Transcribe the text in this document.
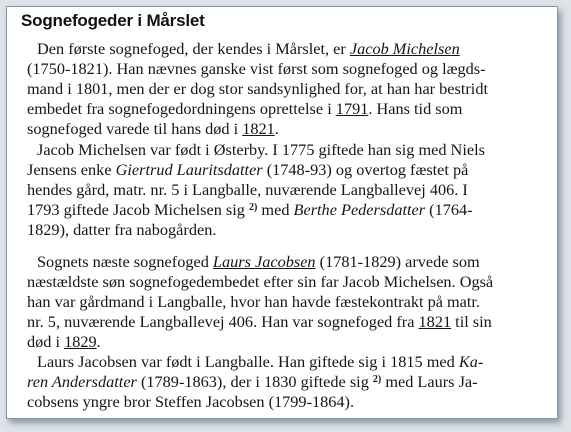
Sognefogeder i Mårslet
Den første sognefoged, der kendes i Mårslet, er Jacob Michelsen
(1750-1821). Han nævnes ganske vist først som sognefoged og lægds-
mand i 1801, men der er dog stor sandsynlighed for, at han har bestridt
embedet fra sognefogedordningens oprettelse i 1791. Hans tid som
sognefoged varede til hans død i 1821.
Jacob Michelsen var født i Østerby. I 1775 giftede han sig med Niels
Jensens enke Giertrud Lauritsdatter (1748-93) og overtog fæstet på
hendes gård, matr. nr. 5 i Langballe, nuværende Langballevej 406. I
1793 giftede Jacob Michelsen sig $^{2)}$ med Berthe Pedersdatter (1764-
1829), datter fra nabogården.
Sognets næste sognefoged Laurs Jacobsen (1781-1829) arvede som
næstældste søn sognefogedembedet efter sin far Jacob Michelsen. Også
han var gårdmand i Langballe, hvor han havde fæstekontrakt på matr.
nr. 5, nuværende Langballevej 406. Han var sognefoged fra 1821 til sin
død i 1829.
Laurs Jacobsen var født i Langballe. Han giftede sig i 1815 med Ka-
ren Andersdatter (1789-1863), der i 1830 giftede sig $^{2)}$ med Laurs Ja-
cobsens yngre bror Steffen Jacobsen (1799-1864).
